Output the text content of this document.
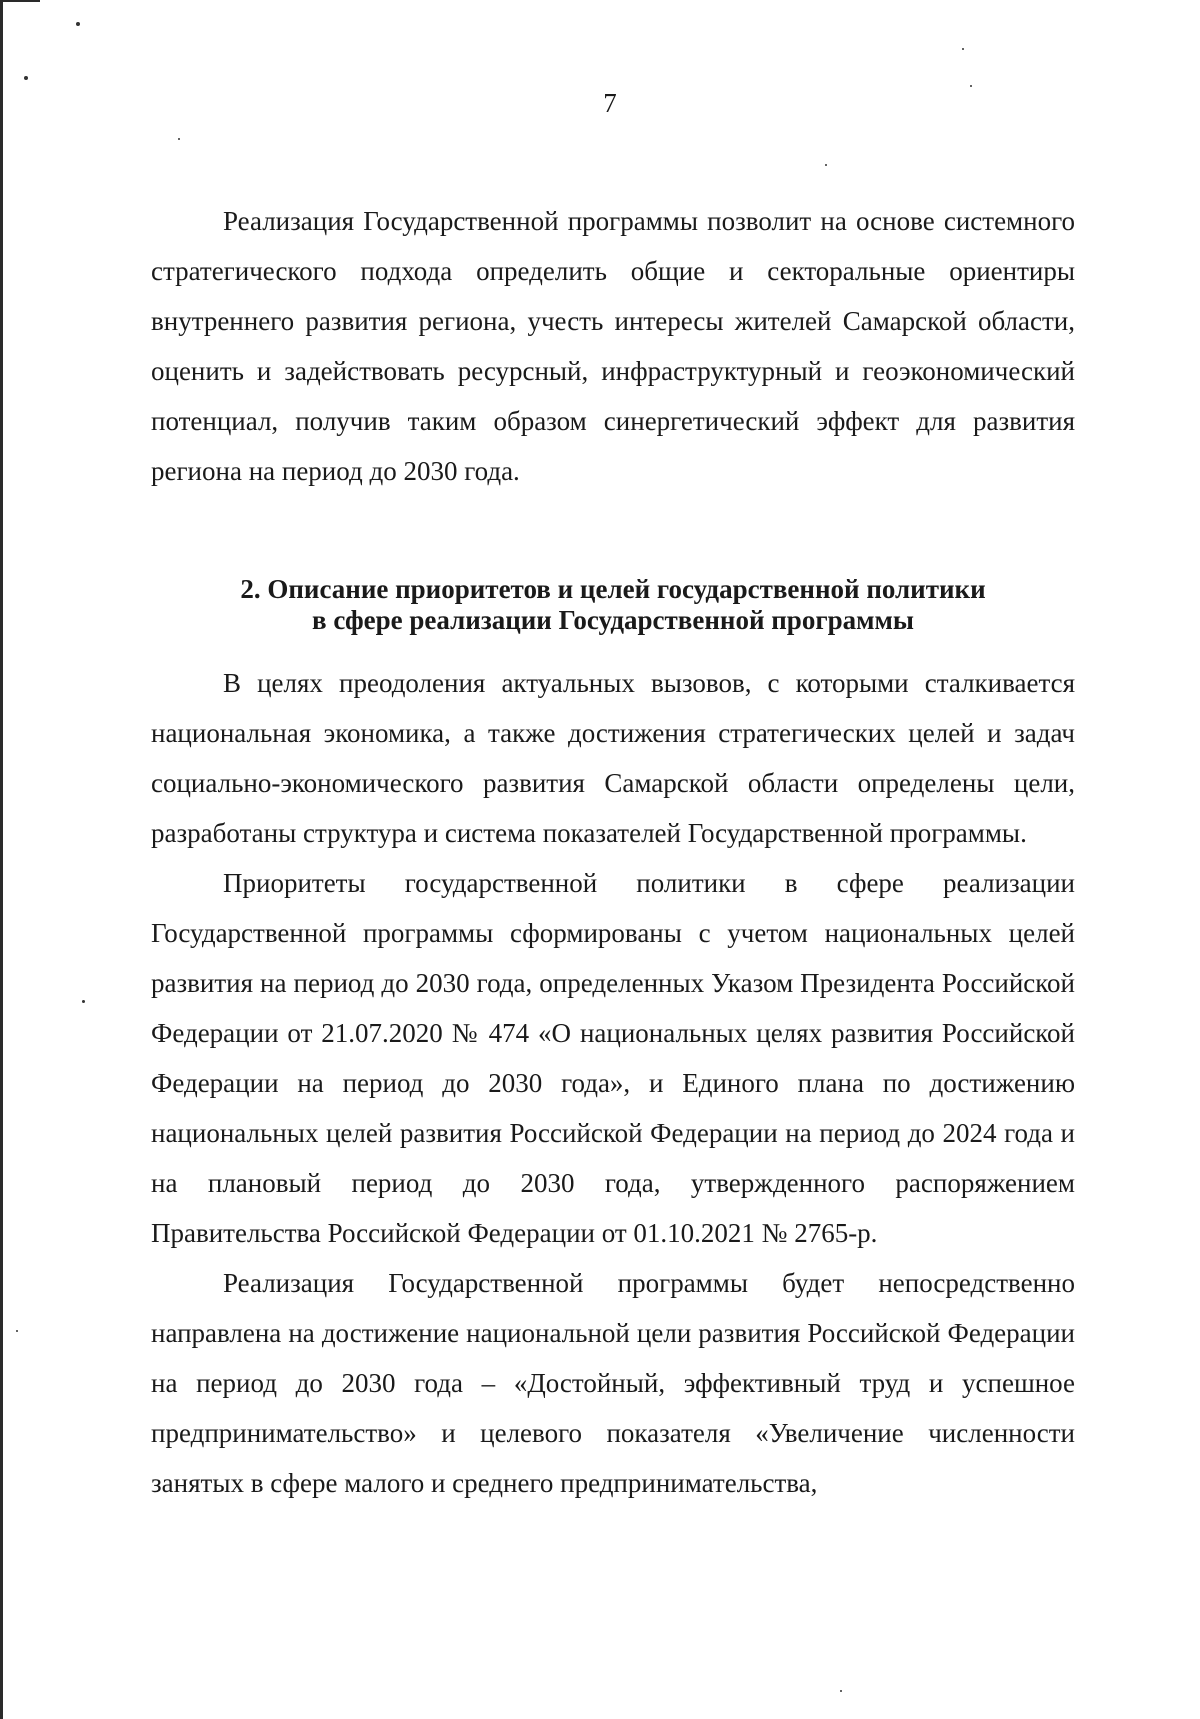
7

Реализация Государственной программы позволит на основе системного стратегического подхода определить общие и секторальные ориентиры внутреннего развития региона, учесть интересы жителей Самарской области, оценить и задействовать ресурсный, инфраструктурный и геоэкономический потенциал, получив таким образом синергетический эффект для развития региона на период до 2030 года.

2. Описание приоритетов и целей государственной политики
в сфере реализации Государственной программы

В целях преодоления актуальных вызовов, с которыми сталкивается национальная экономика, а также достижения стратегических целей и задач социально-экономического развития Самарской области определены цели, разработаны структура и система показателей Государственной программы.

Приоритеты государственной политики в сфере реализации Государственной программы сформированы с учетом национальных целей развития на период до 2030 года, определенных Указом Президента Российской Федерации от 21.07.2020 № 474 «О национальных целях развития Российской Федерации на период до 2030 года», и Единого плана по достижению национальных целей развития Российской Федерации на период до 2024 года и на плановый период до 2030 года, утвержденного распоряжением Правительства Российской Федерации от 01.10.2021 № 2765-р.

Реализация Государственной программы будет непосредственно направлена на достижение национальной цели развития Российской Федерации на период до 2030 года – «Достойный, эффективный труд и успешное предпринимательство» и целевого показателя «Увеличение численности занятых в сфере малого и среднего предпринимательства,
